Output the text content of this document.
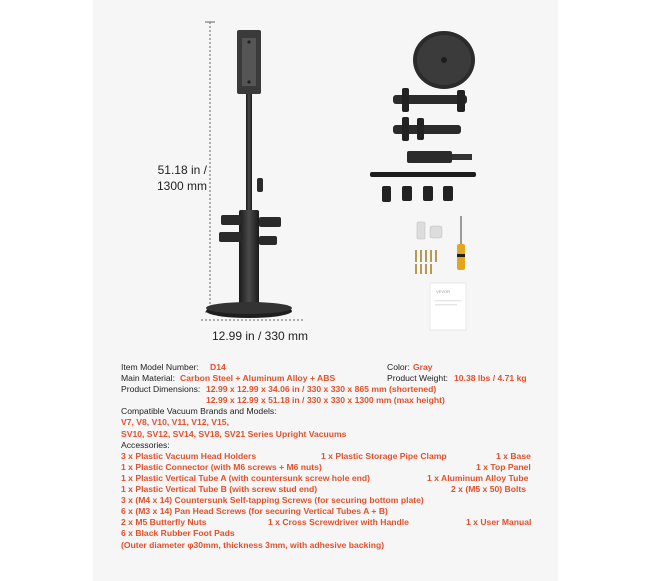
VEVOR
51.18 in /
1300 mm
12.99 in / 330 mm
Item Model Number: D14	Color: Gray
Main Material: Carbon Steel + Aluminum Alloy + ABS	Product Weight: 10.38 lbs / 4.71 kg
Product Dimensions: 12.99 x 12.99 x 34.06 in / 330 x 330 x 865 mm (shortened)
12.99 x 12.99 x 51.18 in / 330 x 330 x 1300 mm (max height)
Compatible Vacuum Brands and Models:
V7, V8, V10, V11, V12, V15,
SV10, SV12, SV14, SV18, SV21 Series Upright Vacuums
Accessories:
3 x Plastic Vacuum Head Holders	1 x Plastic Storage Pipe Clamp	1 x Base
1 x Plastic Connector (with M6 screws + M6 nuts)	1 x Top Panel
1 x Plastic Vertical Tube A (with countersunk screw hole end)	1 x Aluminum Alloy Tube
1 x Plastic Vertical Tube B (with screw stud end)	2 x (M5 x 50) Bolts
3 x (M4 x 14) Countersunk Self-tapping Screws (for securing bottom plate)
6 x (M3 x 14) Pan Head Screws (for securing Vertical Tubes A + B)
2 x M5 Butterfly Nuts	1 x Cross Screwdriver with Handle	1 x User Manual
6 x Black Rubber Foot Pads
(Outer diameter φ30mm, thickness 3mm, with adhesive backing)
